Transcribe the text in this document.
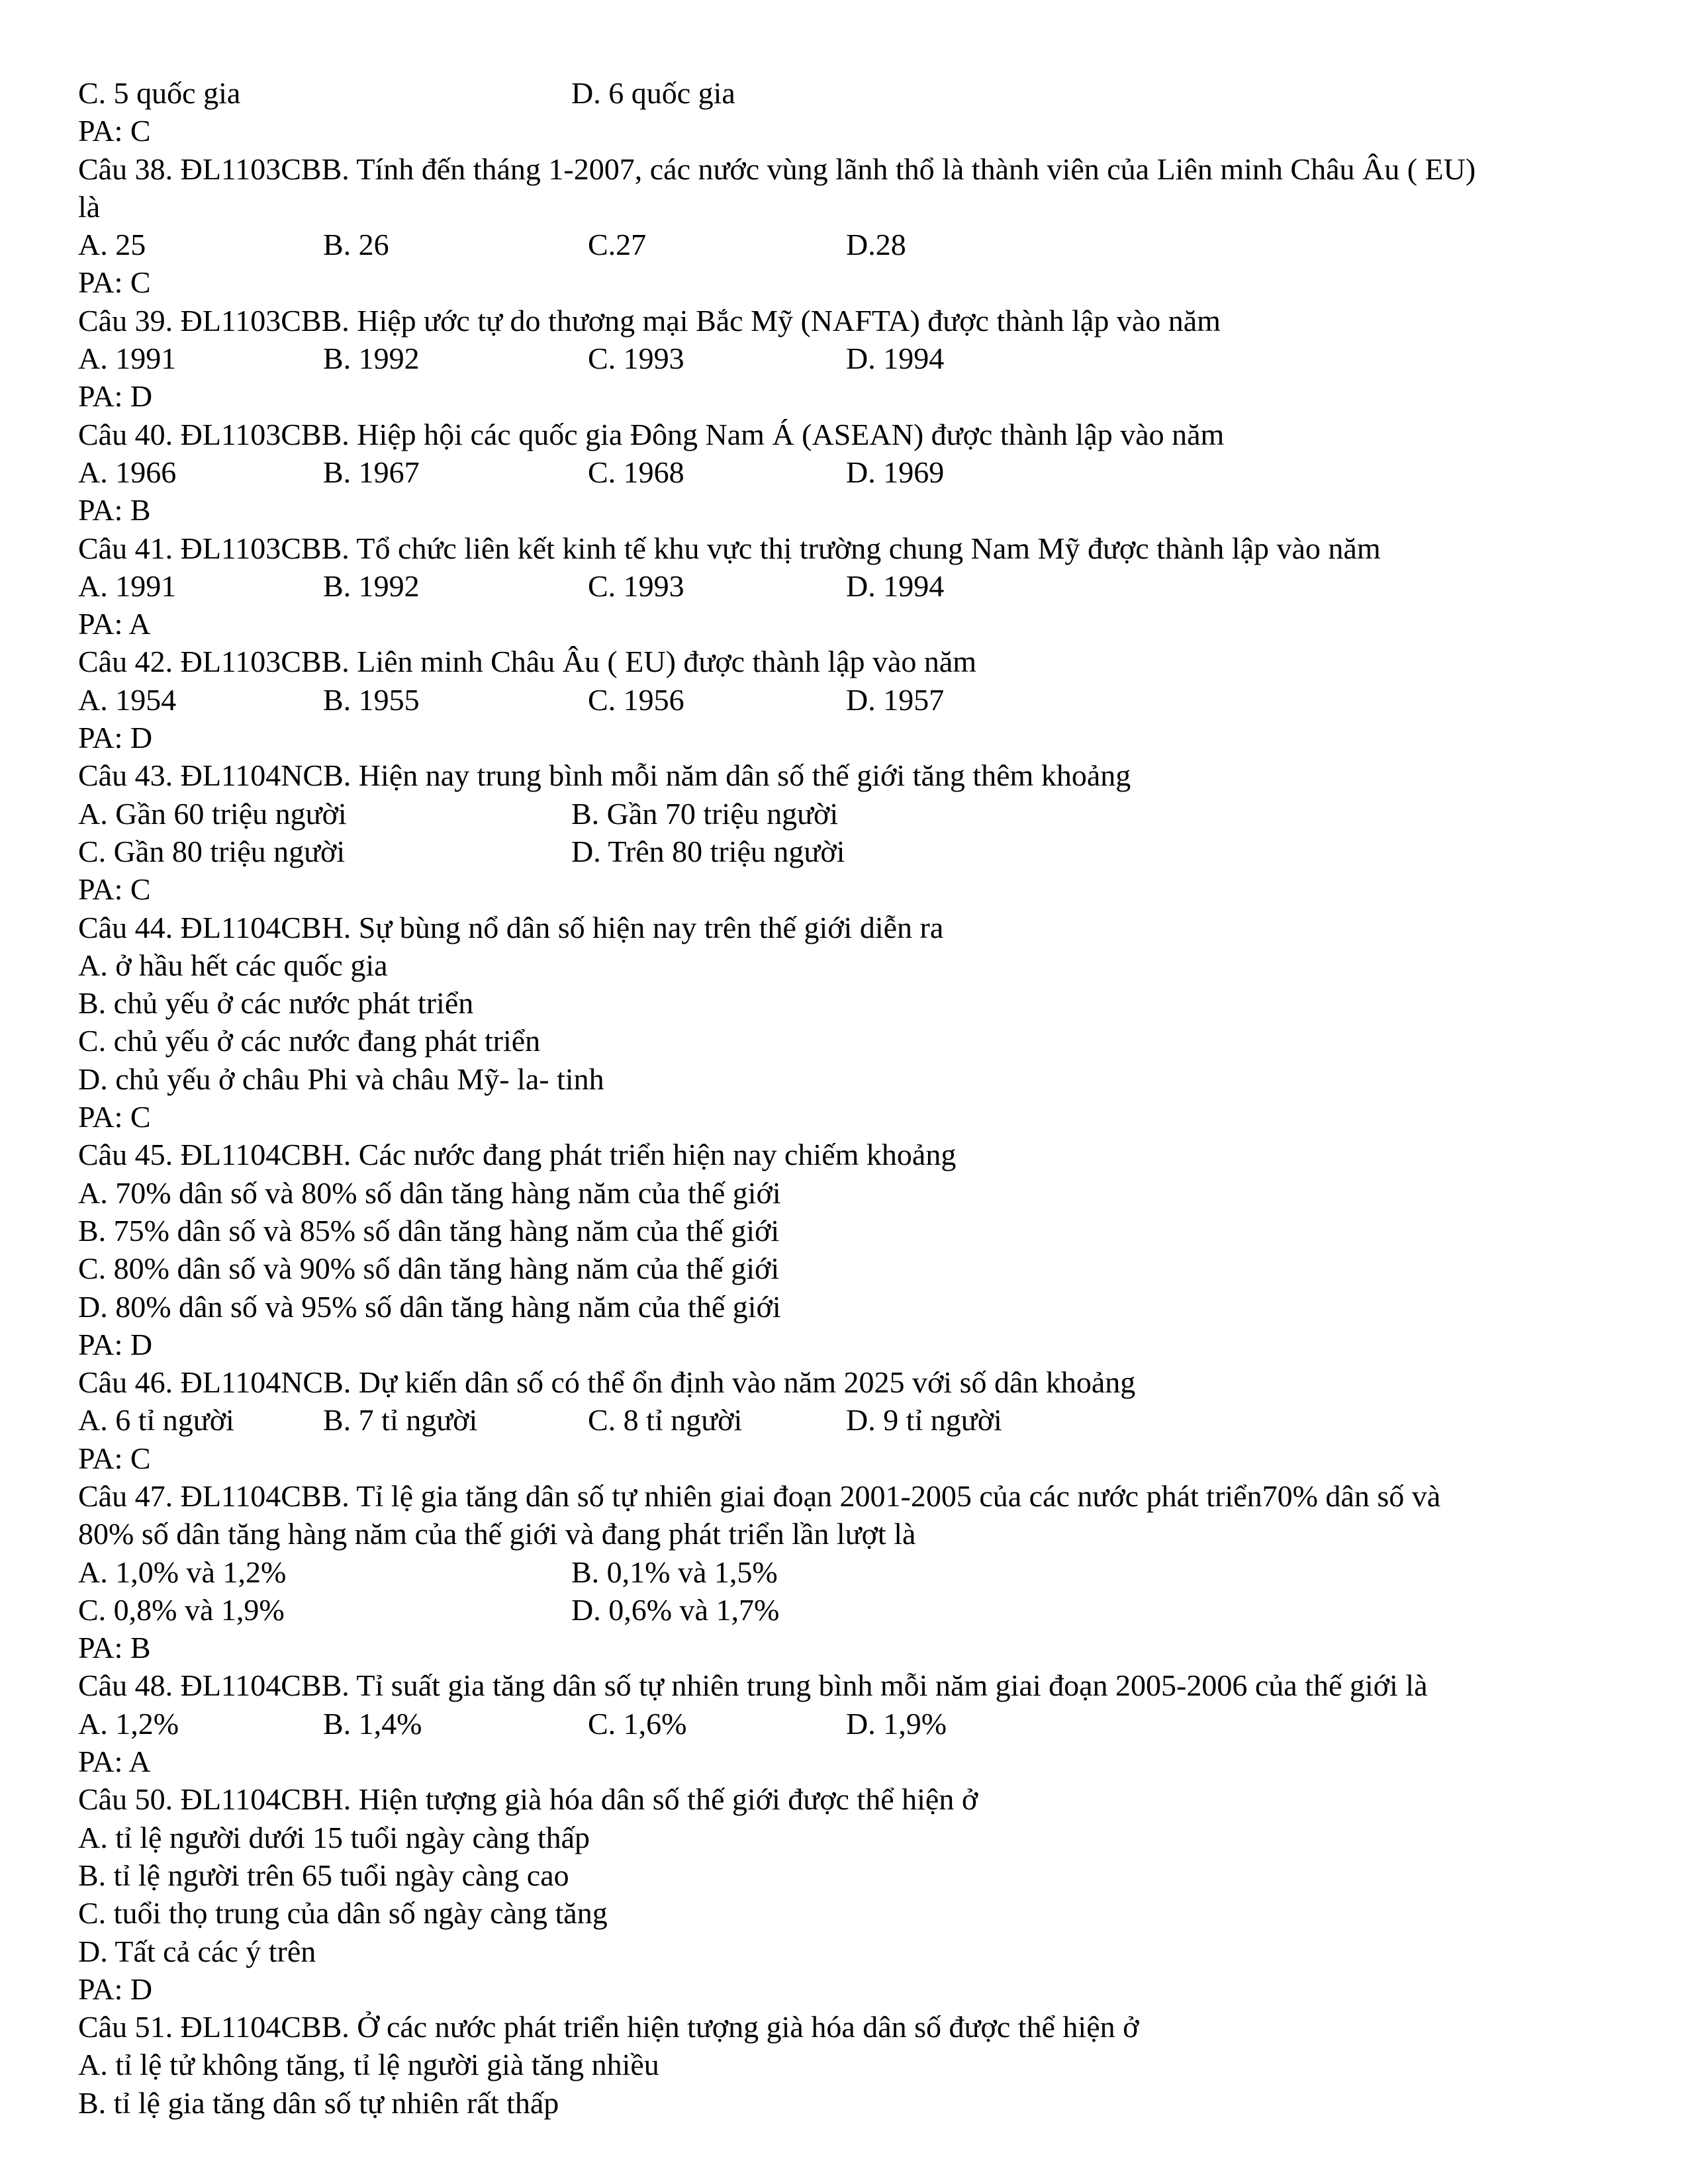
C. 5 quốc gia	D. 6 quốc gia
PA: C
Câu 38. ĐL1103CBB. Tính đến tháng 1-2007, các nước vùng lãnh thổ là thành viên của Liên minh Châu Âu ( EU)
là
A. 25	B. 26	C.27	D.28
PA: C
Câu 39. ĐL1103CBB. Hiệp ước tự do thương mại Bắc Mỹ (NAFTA) được thành lập vào năm
A. 1991	B. 1992	C. 1993	D. 1994
PA: D
Câu 40. ĐL1103CBB. Hiệp hội các quốc gia Đông Nam Á (ASEAN) được thành lập vào năm
A. 1966	B. 1967	C. 1968	D. 1969
PA: B
Câu 41. ĐL1103CBB. Tổ chức liên kết kinh tế khu vực thị trường chung Nam Mỹ được thành lập vào năm
A. 1991	B. 1992	C. 1993	D. 1994
PA: A
Câu 42. ĐL1103CBB. Liên minh Châu Âu ( EU) được thành lập vào năm
A. 1954	B. 1955	C. 1956	D. 1957
PA: D
Câu 43. ĐL1104NCB. Hiện nay trung bình mỗi năm dân số thế giới tăng thêm khoảng
A. Gần 60 triệu người	B. Gần 70 triệu người
C. Gần 80 triệu người	D. Trên 80 triệu người
PA: C
Câu 44. ĐL1104CBH. Sự bùng nổ dân số hiện nay trên thế giới diễn ra
A. ở hầu hết các quốc gia
B. chủ yếu ở các nước phát triển
C. chủ yếu ở các nước đang phát triển
D. chủ yếu ở châu Phi và châu Mỹ- la- tinh
PA: C
Câu 45. ĐL1104CBH. Các nước đang phát triển hiện nay chiếm khoảng
A. 70% dân số và 80% số dân tăng hàng năm của thế giới
B. 75% dân số và 85% số dân tăng hàng năm của thế giới
C. 80% dân số và 90% số dân tăng hàng năm của thế giới
D. 80% dân số và 95% số dân tăng hàng năm của thế giới
PA: D
Câu 46. ĐL1104NCB. Dự kiến dân số có thể ổn định vào năm 2025 với số dân khoảng
A. 6 tỉ người	B. 7 tỉ người	C. 8 tỉ người	D. 9 tỉ người
PA: C
Câu 47. ĐL1104CBB. Tỉ lệ gia tăng dân số tự nhiên giai đoạn 2001-2005 của các nước phát triển70% dân số và
80% số dân tăng hàng năm của thế giới và đang phát triển lần lượt là
A. 1,0% và 1,2%	B. 0,1% và 1,5%
C. 0,8% và 1,9%	D. 0,6% và 1,7%
PA: B
Câu 48. ĐL1104CBB. Tỉ suất gia tăng dân số tự nhiên trung bình mỗi năm giai đoạn 2005-2006 của thế giới là
A. 1,2%	B. 1,4%	C. 1,6%	D. 1,9%
PA: A
Câu 50. ĐL1104CBH. Hiện tượng già hóa dân số thế giới được thể hiện ở
A. tỉ lệ người dưới 15 tuổi ngày càng thấp
B. tỉ lệ người trên 65 tuổi ngày càng cao
C. tuổi thọ trung của dân số ngày càng tăng
D. Tất cả các ý trên
PA: D
Câu 51. ĐL1104CBB. Ở các nước phát triển hiện tượng già hóa dân số được thể hiện ở
A. tỉ lệ tử không tăng, tỉ lệ người già tăng nhiều
B. tỉ lệ gia tăng dân số tự nhiên rất thấp
